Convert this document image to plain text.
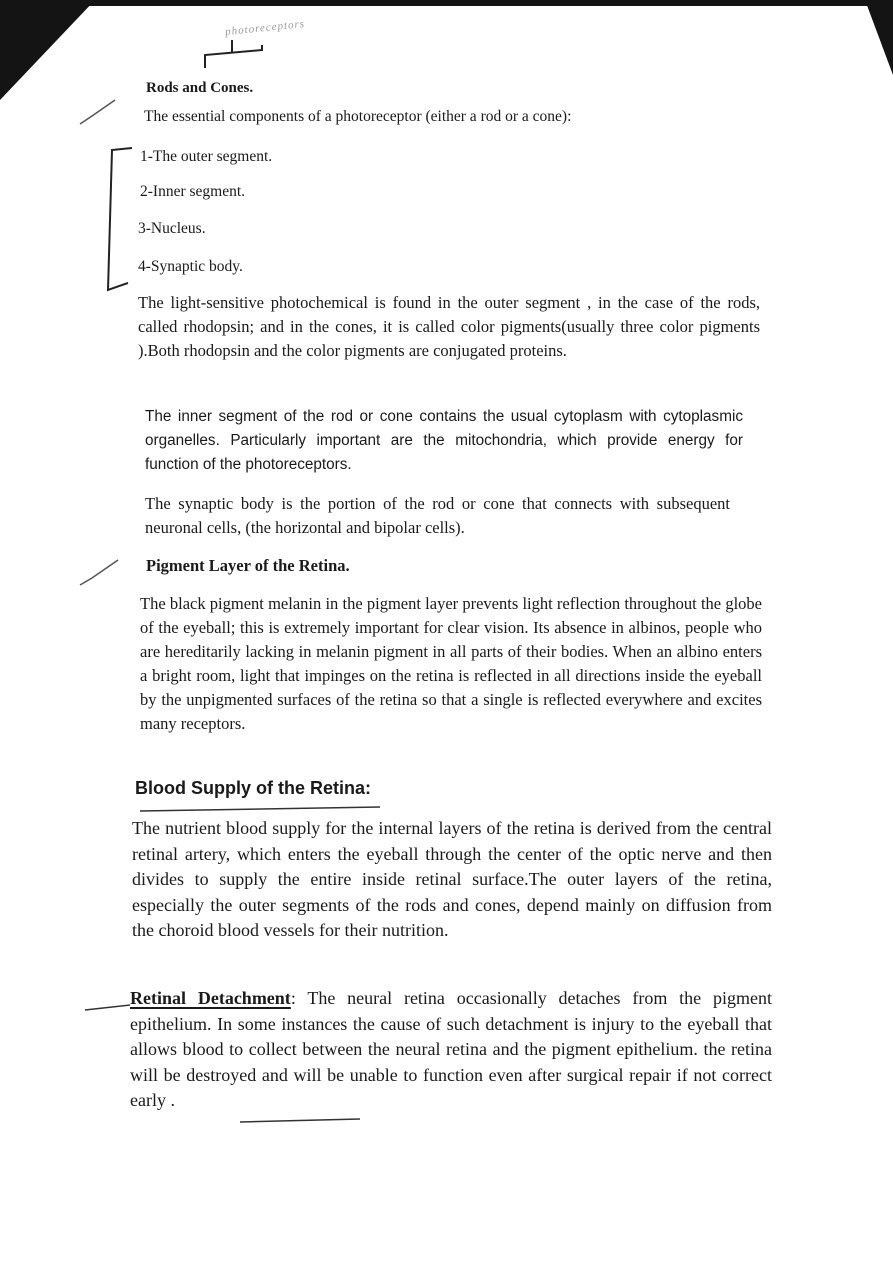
photoreceptors
Rods and Cones.
The essential components of a photoreceptor (either a rod or a cone):
1-The outer segment.
2-Inner segment.
3-Nucleus.
4-Synaptic body.
The light-sensitive photochemical is found in the outer segment , in the case of the rods, called rhodopsin; and in the cones, it is called color pigments(usually three color pigments ).Both rhodopsin and the color pigments are conjugated proteins.
The inner segment of the rod or cone contains the usual cytoplasm with cytoplasmic organelles. Particularly important are the mitochondria, which provide energy for function of the photoreceptors.
The synaptic body is the portion of the rod or cone that connects with subsequent neuronal cells, (the horizontal and bipolar cells).
Pigment Layer of the Retina.
The black pigment melanin in the pigment layer prevents light reflection throughout the globe of the eyeball; this is extremely important for clear vision. Its absence in albinos, people who are hereditarily lacking in melanin pigment in all parts of their bodies. When an albino enters a bright room, light that impinges on the retina is reflected in all directions inside the eyeball by the unpigmented surfaces of the retina so that a single is reflected everywhere and excites many receptors.
Blood Supply of the Retina:
The nutrient blood supply for the internal layers of the retina is derived from the central retinal artery, which enters the eyeball through the center of the optic nerve and then divides to supply the entire inside retinal surface.The outer layers of the retina, especially the outer segments of the rods and cones, depend mainly on diffusion from the choroid blood vessels for their nutrition.
Retinal Detachment: The neural retina occasionally detaches from the pigment epithelium. In some instances the cause of such detachment is injury to the eyeball that allows blood to collect between the neural retina and the pigment epithelium. the retina will be destroyed and will be unable to function even after surgical repair if not correct early .
